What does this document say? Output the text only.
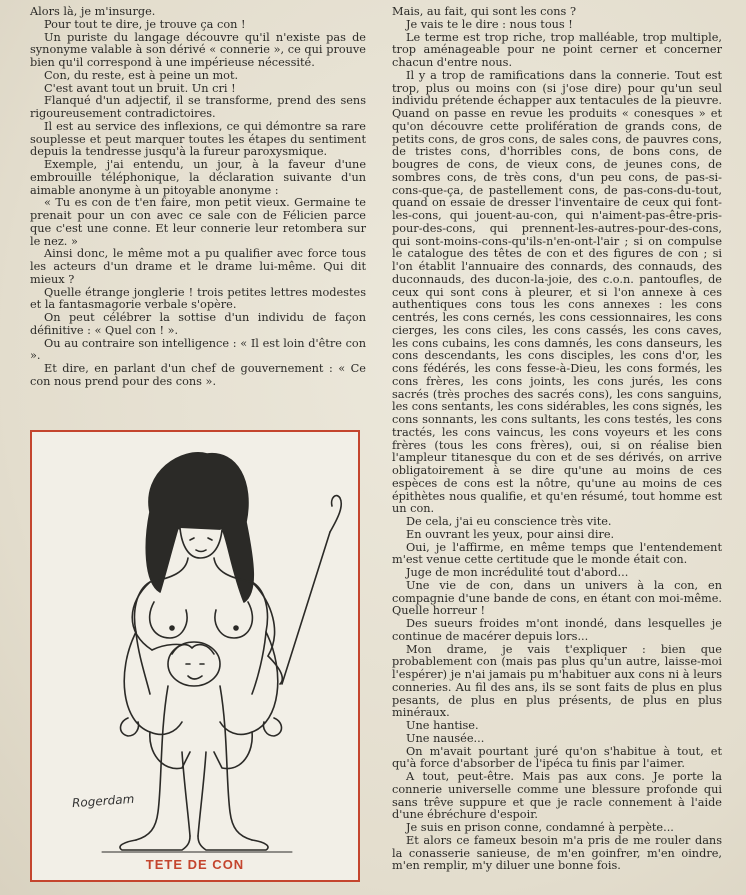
Alors là, je m'insurge.

Pour tout te dire, je trouve ça con !

Un puriste du langage découvre qu'il n'existe pas de synonyme valable à son dérivé « connerie », ce qui prouve bien qu'il correspond à une impérieuse nécessité.

Con, du reste, est à peine un mot.

C'est avant tout un bruit. Un cri !

Flanqué d'un adjectif, il se transforme, prend des sens rigoureusement contradictoires.

Il est au service des inflexions, ce qui démontre sa rare souplesse et peut marquer toutes les étapes du sentiment depuis la tendresse jusqu'à la fureur paroxysmique.

Exemple, j'ai entendu, un jour, à la faveur d'une embrouille téléphonique, la déclaration suivante d'un aimable anonyme à un pitoyable anonyme :

« Tu es con de t'en faire, mon petit vieux. Germaine te prenait pour un con avec ce sale con de Félicien parce que c'est une conne. Et leur connerie leur retombera sur le nez. »

Ainsi donc, le même mot a pu qualifier avec force tous les acteurs d'un drame et le drame lui-même. Qui dit mieux ?

Quelle étrange jonglerie ! trois petites lettres modestes et la fantasmagorie verbale s'opère.

On peut célébrer la sottise d'un individu de façon définitive : « Quel con ! ».

Ou au contraire son intelligence : « Il est loin d'être con ».

Et dire, en parlant d'un chef de gouvernement : « Ce con nous prend pour des cons ».

Rogerdam
TETE DE CON

Mais, au fait, qui sont les cons ?

Je vais te le dire : nous tous !

Le terme est trop riche, trop malléable, trop multiple, trop aménageable pour ne point cerner et concerner chacun d'entre nous.

Il y a trop de ramifications dans la connerie. Tout est trop, plus ou moins con (si j'ose dire) pour qu'un seul individu prétende échapper aux tentacules de la pieuvre. Quand on passe en revue les produits « conesques » et qu'on découvre cette prolifération de grands cons, de petits cons, de gros cons, de sales cons, de pauvres cons, de tristes cons, d'horribles cons, de bons cons, de bougres de cons, de vieux cons, de jeunes cons, de sombres cons, de très cons, d'un peu cons, de pas-si-cons-que-ça, de pastellement cons, de pas-cons-du-tout, quand on essaie de dresser l'inventaire de ceux qui font-les-cons, qui jouent-au-con, qui n'aiment-pas-être-pris-pour-des-cons, qui prennent-les-autres-pour-des-cons, qui sont-moins-cons-qu'ils-n'en-ont-l'air ; si on compulse le catalogue des têtes de con et des figures de con ; si l'on établit l'annuaire des connards, des connauds, des duconnauds, des ducon-la-joie, des c.o.n. pantoufles, de ceux qui sont cons à pleurer, et si l'on annexe à ces authentiques cons tous les cons annexes : les cons centrés, les cons cernés, les cons cessionnaires, les cons cierges, les cons ciles, les cons cassés, les cons caves, les cons cubains, les cons damnés, les cons danseurs, les cons descendants, les cons disciples, les cons d'or, les cons fédérés, les cons fesse-à-Dieu, les cons formés, les cons frères, les cons joints, les cons jurés, les cons sacrés (très proches des sacrés cons), les cons sanguins, les cons sentants, les cons sidérables, les cons signés, les cons sonnants, les cons sultants, les cons testés, les cons tractés, les cons vaincus, les cons voyeurs et les cons frères (tous les cons frères), oui, si on réalise bien l'ampleur titanesque du con et de ses dérivés, on arrive obligatoirement à se dire qu'une au moins de ces espèces de cons est la nôtre, qu'une au moins de ces épithètes nous qualifie, et qu'en résumé, tout homme est un con.

De cela, j'ai eu conscience très vite.

En ouvrant les yeux, pour ainsi dire.

Oui, je l'affirme, en même temps que l'entendement m'est venue cette certitude que le monde était con.

Juge de mon incrédulité tout d'abord...

Une vie de con, dans un univers à la con, en compagnie d'une bande de cons, en étant con moi-même. Quelle horreur !

Des sueurs froides m'ont inondé, dans lesquelles je continue de macérer depuis lors...

Mon drame, je vais t'expliquer : bien que probablement con (mais pas plus qu'un autre, laisse-moi l'espérer) je n'ai jamais pu m'habituer aux cons ni à leurs conneries. Au fil des ans, ils se sont faits de plus en plus pesants, de plus en plus présents, de plus en plus minéraux.

Une hantise.

Une nausée...

On m'avait pourtant juré qu'on s'habitue à tout, et qu'à force d'absorber de l'ipéca tu finis par l'aimer.

A tout, peut-être. Mais pas aux cons. Je porte la connerie universelle comme une blessure profonde qui sans trêve suppure et que je racle connement à l'aide d'une ébréchure d'espoir.

Je suis en prison conne, condamné à perpète...

Et alors ce fameux besoin m'a pris de me rouler dans la conasserie sanieuse, de m'en goinfrer, m'en oindre, m'en remplir, m'y diluer une bonne fois.
